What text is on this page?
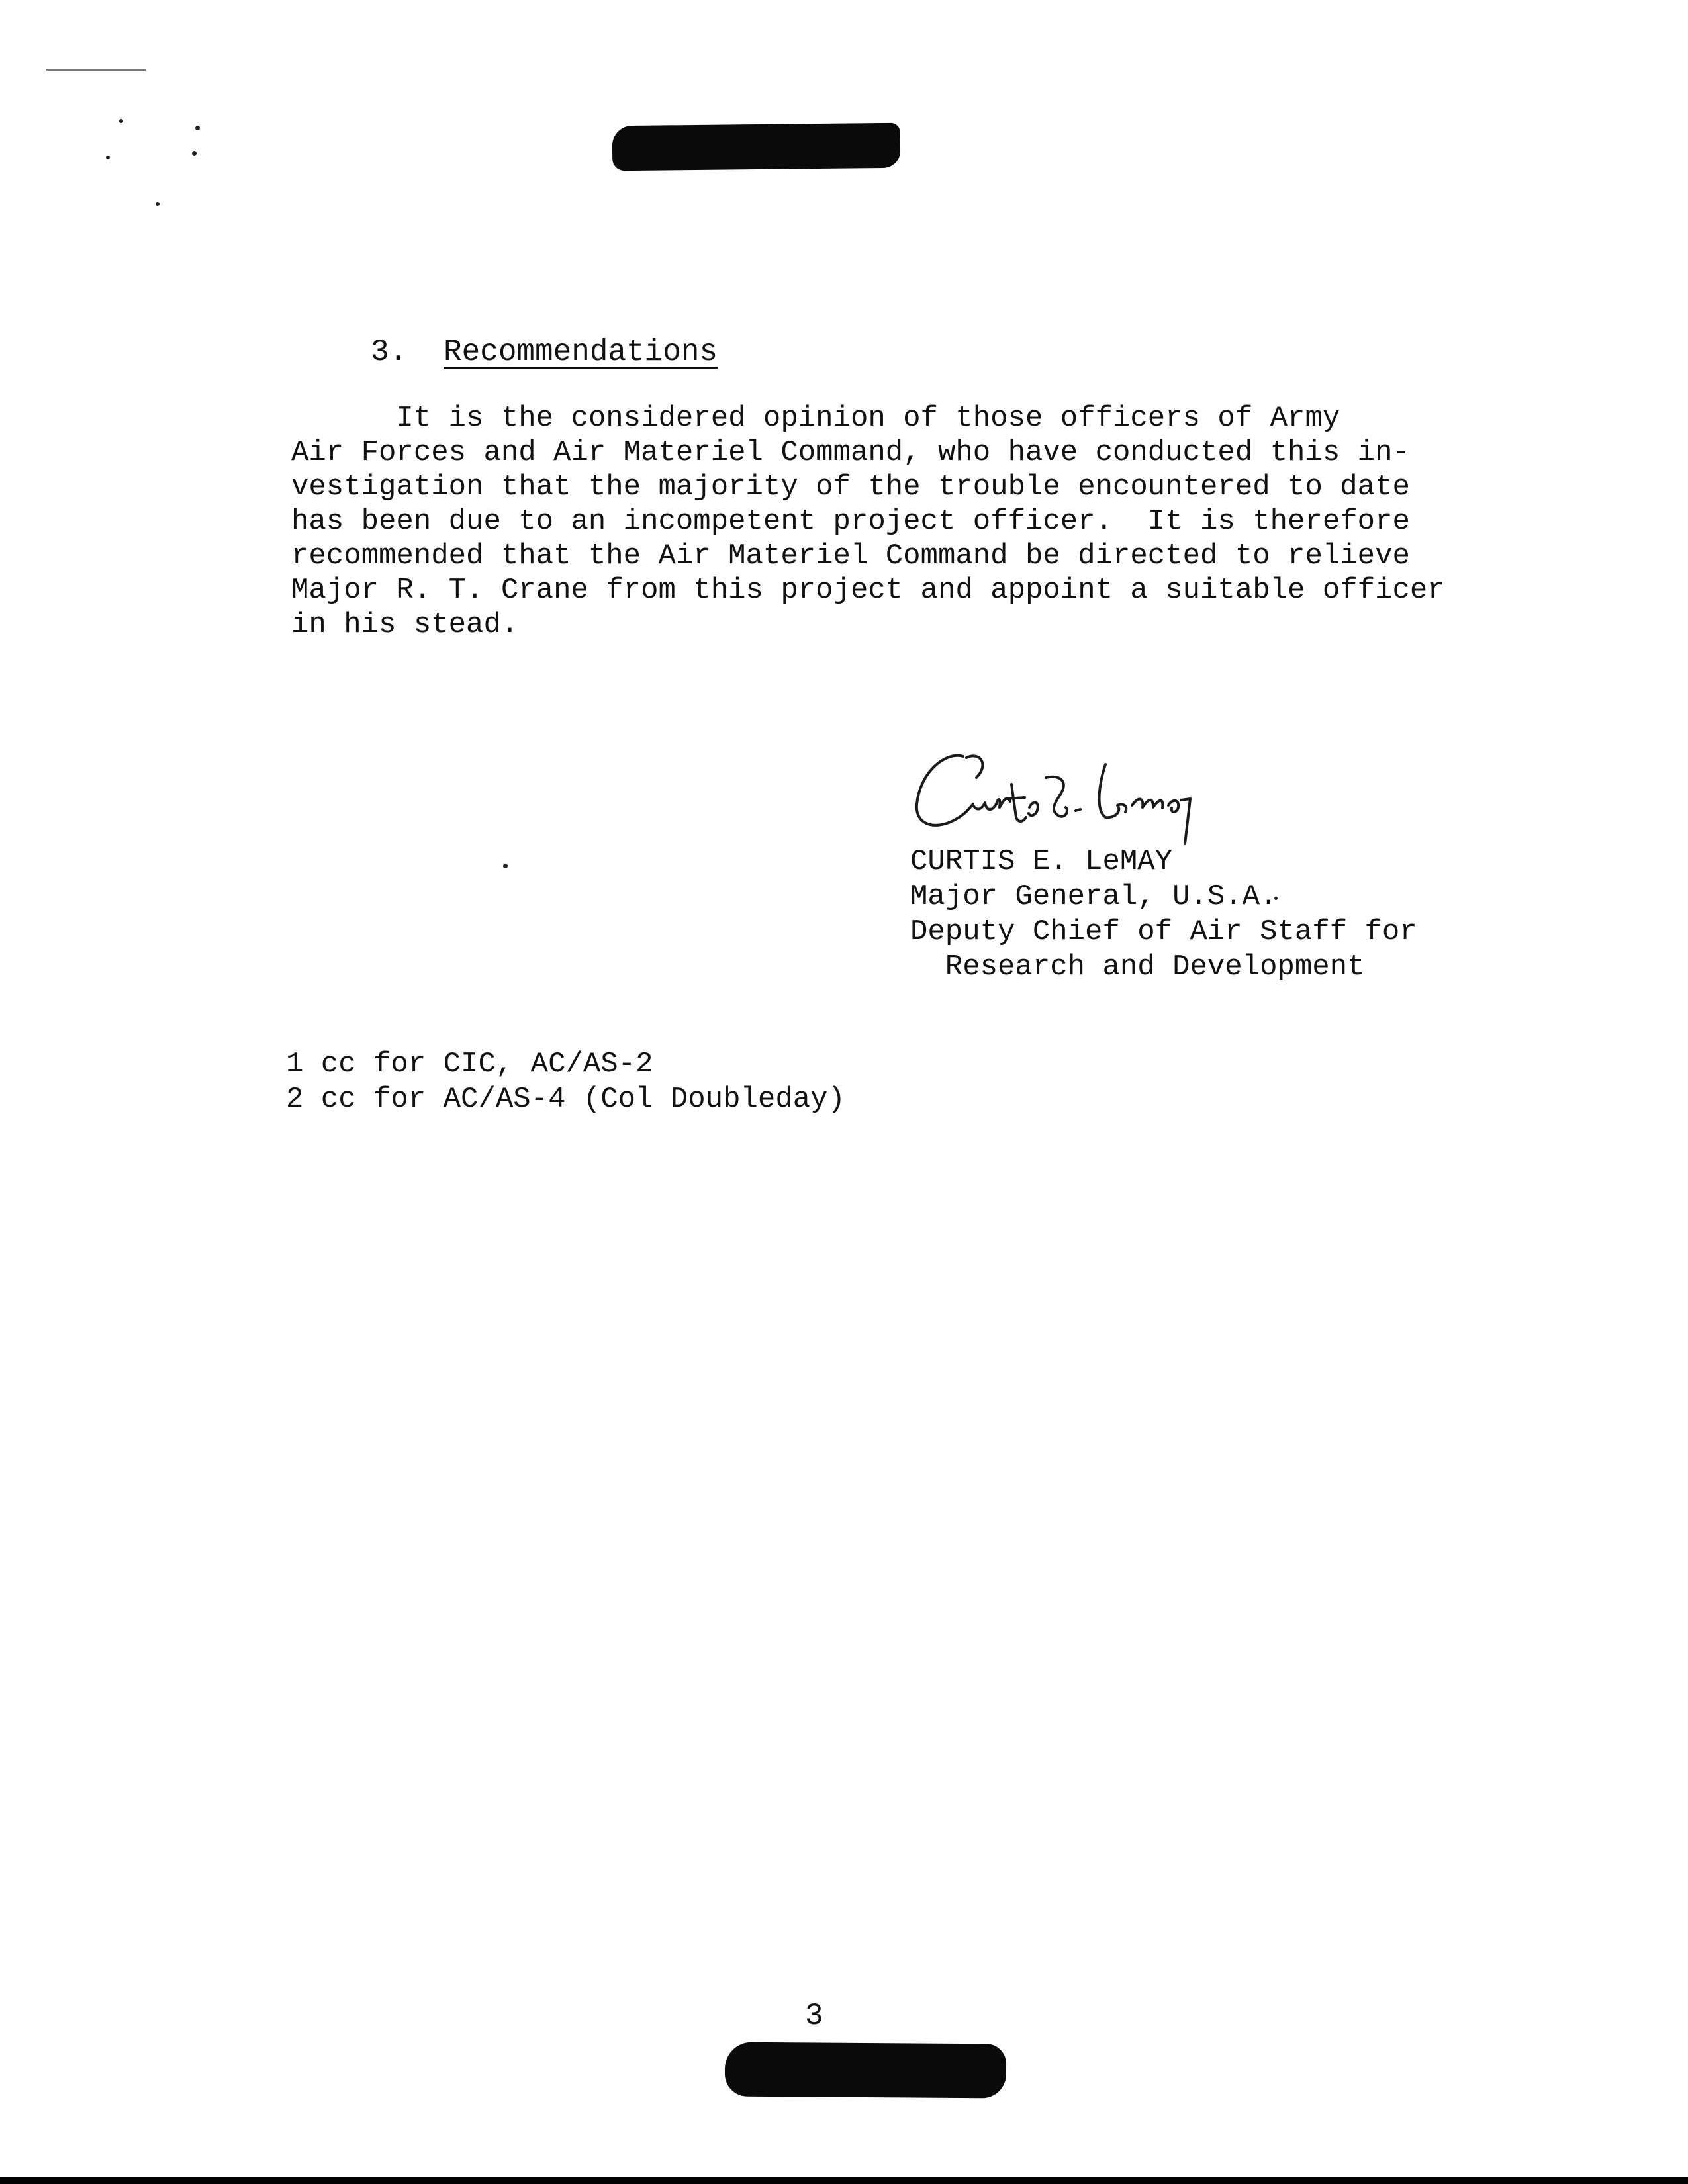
3. Recommendations
It is the considered opinion of those officers of Army
Air Forces and Air Materiel Command, who have conducted this in-
vestigation that the majority of the trouble encountered to date
has been due to an incompetent project officer.  It is therefore
recommended that the Air Materiel Command be directed to relieve
Major R. T. Crane from this project and appoint a suitable officer
in his stead.
CURTIS E. LeMAY
Major General, U.S.A.
Deputy Chief of Air Staff for
Research and Development
1 cc for CIC, AC/AS-2
2 cc for AC/AS-4 (Col Doubleday)
3
